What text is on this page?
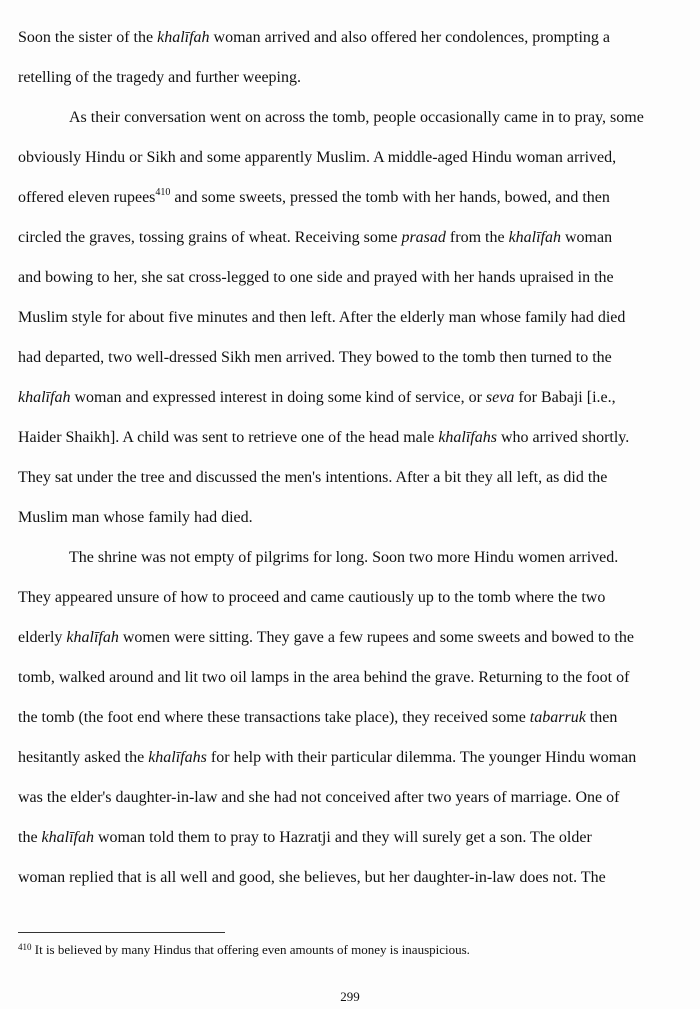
Soon the sister of the khalīfah woman arrived and also offered her condolences, prompting a
retelling of the tragedy and further weeping.
As their conversation went on across the tomb, people occasionally came in to pray, some
obviously Hindu or Sikh and some apparently Muslim. A middle-aged Hindu woman arrived,
offered eleven rupees$^{410}$ and some sweets, pressed the tomb with her hands, bowed, and then
circled the graves, tossing grains of wheat. Receiving some prasad from the khalīfah woman
and bowing to her, she sat cross-legged to one side and prayed with her hands upraised in the
Muslim style for about five minutes and then left. After the elderly man whose family had died
had departed, two well-dressed Sikh men arrived. They bowed to the tomb then turned to the
khalīfah woman and expressed interest in doing some kind of service, or seva for Babaji [i.e.,
Haider Shaikh]. A child was sent to retrieve one of the head male khalīfahs who arrived shortly.
They sat under the tree and discussed the men's intentions. After a bit they all left, as did the
Muslim man whose family had died.
The shrine was not empty of pilgrims for long. Soon two more Hindu women arrived.
They appeared unsure of how to proceed and came cautiously up to the tomb where the two
elderly khalīfah women were sitting. They gave a few rupees and some sweets and bowed to the
tomb, walked around and lit two oil lamps in the area behind the grave. Returning to the foot of
the tomb (the foot end where these transactions take place), they received some tabarruk then
hesitantly asked the khalīfahs for help with their particular dilemma. The younger Hindu woman
was the elder's daughter-in-law and she had not conceived after two years of marriage. One of
the khalīfah woman told them to pray to Hazratji and they will surely get a son. The older
woman replied that is all well and good, she believes, but her daughter-in-law does not. The
$^{410}$ It is believed by many Hindus that offering even amounts of money is inauspicious.
299
